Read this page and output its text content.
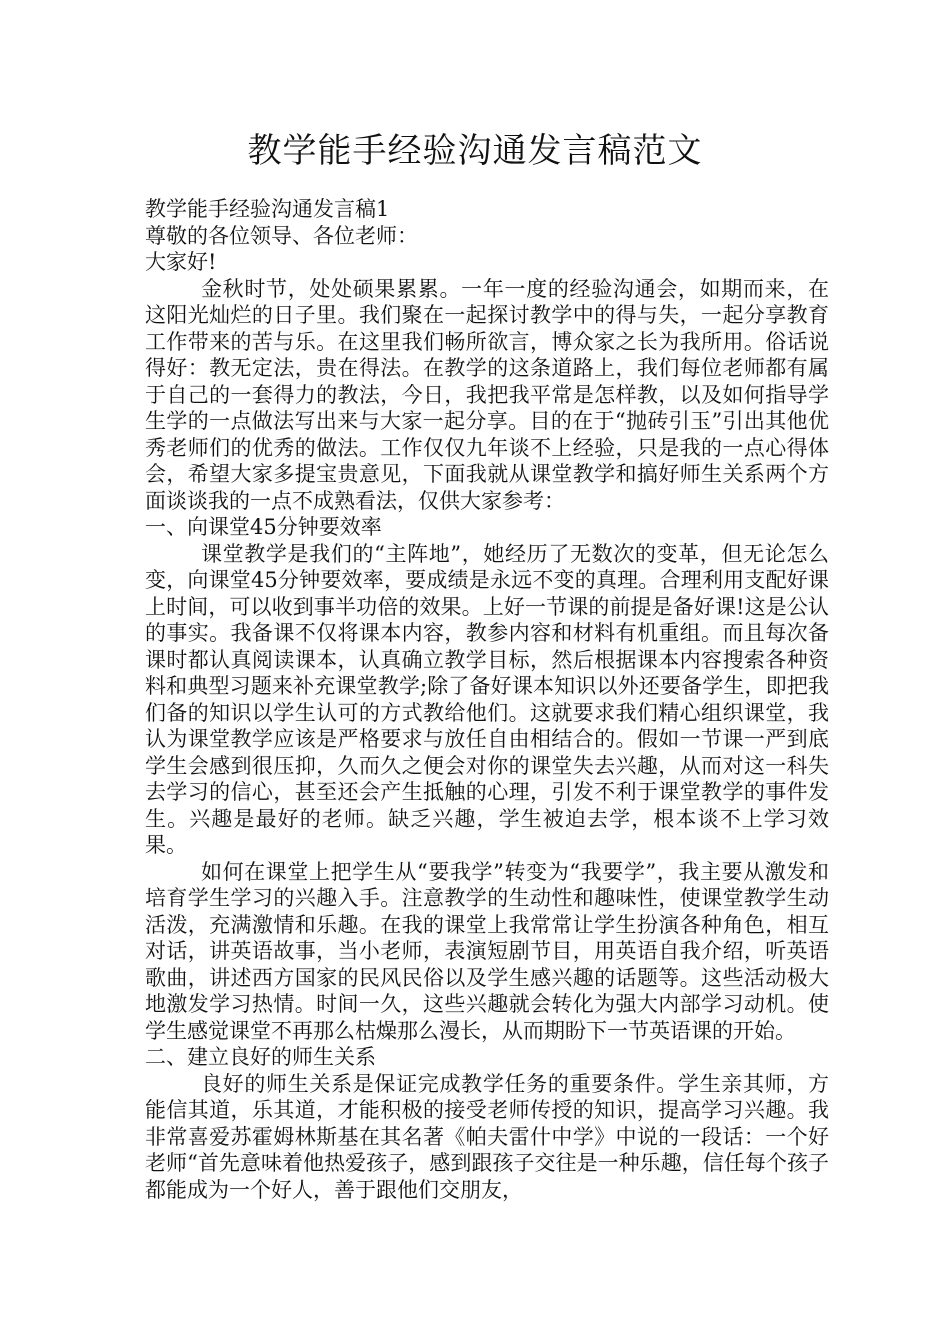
教学能手经验沟通发言稿范文

教学能手经验沟通发言稿1

尊敬的各位领导、各位老师：

大家好!

金秋时节，处处硕果累累。一年一度的经验沟通会，如期而来，在这阳光灿烂的日子里。我们聚在一起探讨教学中的得与失，一起分享教育工作带来的苦与乐。在这里我们畅所欲言，博众家之长为我所用。俗话说得好：教无定法，贵在得法。在教学的这条道路上，我们每位老师都有属于自己的一套得力的教法，今日，我把我平常是怎样教，以及如何指导学生学的一点做法写出来与大家一起分享。目的在于“抛砖引玉”引出其他优秀老师们的优秀的做法。工作仅仅九年谈不上经验，只是我的一点心得体会，希望大家多提宝贵意见，下面我就从课堂教学和搞好师生关系两个方面谈谈我的一点不成熟看法，仅供大家参考：

一、向课堂45分钟要效率

课堂教学是我们的“主阵地”，她经历了无数次的变革，但无论怎么变，向课堂45分钟要效率，要成绩是永远不变的真理。合理利用支配好课上时间，可以收到事半功倍的效果。上好一节课的前提是备好课!这是公认的事实。我备课不仅将课本内容，教参内容和材料有机重组。而且每次备课时都认真阅读课本，认真确立教学目标，然后根据课本内容搜索各种资料和典型习题来补充课堂教学;除了备好课本知识以外还要备学生，即把我们备的知识以学生认可的方式教给他们。这就要求我们精心组织课堂，我认为课堂教学应该是严格要求与放任自由相结合的。假如一节课一严到底学生会感到很压抑，久而久之便会对你的课堂失去兴趣，从而对这一科失去学习的信心，甚至还会产生抵触的心理，引发不利于课堂教学的事件发生。兴趣是最好的老师。缺乏兴趣，学生被迫去学，根本谈不上学习效果。

如何在课堂上把学生从“要我学”转变为“我要学”，我主要从激发和培育学生学习的兴趣入手。注意教学的生动性和趣味性，使课堂教学生动活泼，充满激情和乐趣。在我的课堂上我常常让学生扮演各种角色，相互对话，讲英语故事，当小老师，表演短剧节目，用英语自我介绍，听英语歌曲，讲述西方国家的民风民俗以及学生感兴趣的话题等。这些活动极大地激发学习热情。时间一久，这些兴趣就会转化为强大内部学习动机。使学生感觉课堂不再那么枯燥那么漫长，从而期盼下一节英语课的开始。

二、建立良好的师生关系

良好的师生关系是保证完成教学任务的重要条件。学生亲其师，方能信其道，乐其道，才能积极的接受老师传授的知识，提高学习兴趣。我非常喜爱苏霍姆林斯基在其名著《帕夫雷什中学》中说的一段话：一个好老师“首先意味着他热爱孩子，感到跟孩子交往是一种乐趣，信任每个孩子都能成为一个好人，善于跟他们交朋友，
